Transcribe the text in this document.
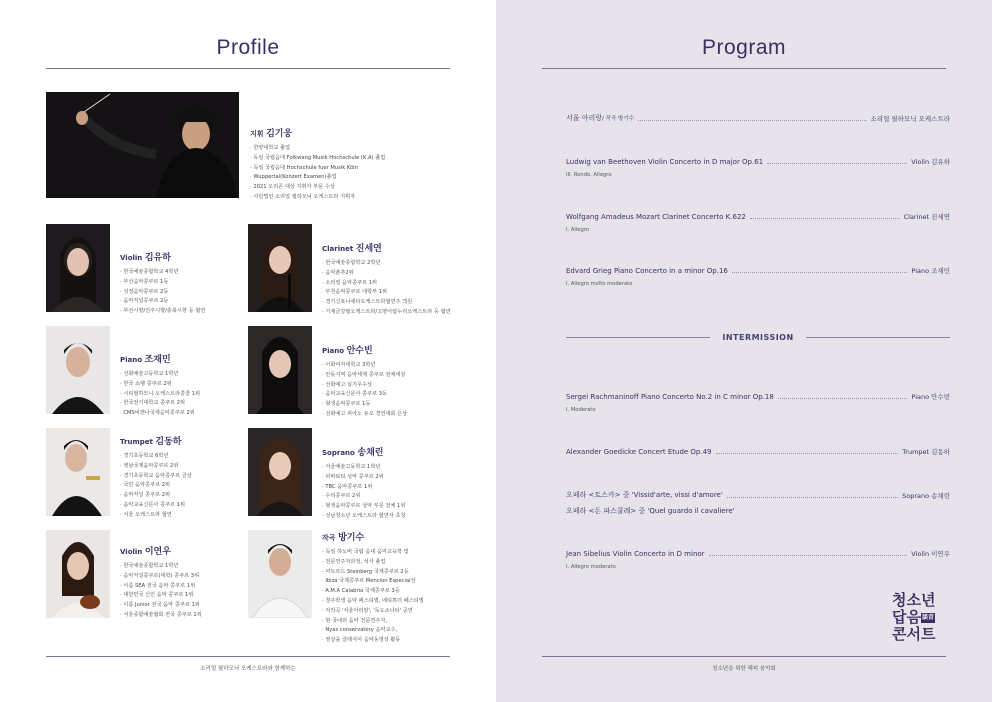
Profile
지휘 김기웅
· 한양대학교 졸업
· 독일 국립음대 Folkwang Musik Hochschule (K.A) 졸업
· 독일 국립음대 Hochschule fuer Musik Köln
· Wuppertal(Konzert Examen)졸업
· 2021 오리콘 대상 지휘자 부문 수상
· 사단법인 소리얼 필하모닉 오케스트라 지휘자
Violin 김유하
· 한국예술종합학교 4학년
· 부산음악콩쿠르 1등
· 성정음악콩쿠르 2등
· 음악저널콩쿠르 2등
· 부산시향/진주시향/충북시향 등 협연
Clarinet 진세연
· 한국예술종합학교 2학년
· 음악춘추2위
· 소리얼 음악콩쿠르 1위
· 부천음악콩쿠르 대학부 1위
· 경기신포니에타오케스트라협연주 객원
· 거제금강필오케스트라/고양아람누리오케스트라 등 협연
Piano 조재민
· 선화예술고등학교 1학년
· 한국 쇼팽 콩쿠르 2위
· 시티필하모니 오케스트라콩쿨 1위
· 한국전기대학교 콩쿠르 2위
· CMS비엔나국제음악콩쿠르 2위
Piano 안수빈
· 이화여자대학교 3학년
· 안동지역 음악세계 콩쿠르 전체대상
· 선화예고 실기우수상
· 음악교육신문사 콩쿠르 3등
· 형생음악콩쿠르 1등
· 선화예고 피아노 듀오 경연대회 은상
Trumpet 김동하
· 경기초등학교 6학년
· 영남국제음악콩쿠르 2위
· 경기초등학교 음악콩쿠르 금상
· 국민 음악콩쿠르 2위
· 음악저널 콩쿠르 2위
· 음악교육신문사 콩쿠르 1위
· 서울 오케스트라 협연
Soprano 송채린
· 서울예술고등학교 1학년
· 피바로티 성악 콩쿠르 2위
· TBC 음악콩쿠르 1위
· 수리콩쿠르 2위
· 형생음악콩쿠르 성악 부문 전체 1위
· 성남청소년 오케스트라 협연자 초청
Violin 이연우
· 한국예술종합학교 1학년
· 음악저널콩쿠르(대학) 콩쿠르 3위
· 이름 SEA 전국 음악 콩쿠르 1위
· 대한민국 신인 음악 콩쿠르 1위
· 이름 Junior 전국 음악 콩쿠르 1위
· 서울종합예술협회 전국 콩쿠르 1위
작곡 방기수
· 독일 하노버 국립 음대 음악교육학 및
· 전문연주자과정, 석사 졸업
· 미트르드 Steinberg 국제콩쿠르 2등
· Ibiza 국제콩쿠르 Mencion Especial상
· A.M.A Calabria 국제콩쿠르 3등
· 청주학생 음악 페스티벌, 에티튜더 페스티벌
· 자작곡 '서울아리랑', '독도소나타' 공연
· 현 국내외 음악 전문연주자,
· Nyas conservatory 음악교수,
· 영상을 클래식어 음악동영상 활동
소리얼 필하모닉 오케스트라와 함께하는
Program
서울 아리랑 / 작곡 방기수	소리얼 필하모닉 오케스트라
Ludwig van Beethoven Violin Concerto in D major Op.61	Violin 김유하
III. Rondo. Allegro
Wolfgang Amadeus Mozart Clarinet Concerto K.622	Clarinet 진세연
I. Allegro
Edvard Grieg Piano Concerto in a minor Op.16	Piano 조재민
I. Allegro molto moderato
INTERMISSION
Sergei Rachmaninoff Piano Concerto No.2 in C minor Op.18	Piano 안수빈
I. Moderato
Alexander Goedicke Concert Etude Op.49	Trumpet 김동하
오페라 <토스카> 중 'Vissid'arte, vissi d'amore'	Soprano 송채린
오페라 <돈 파스쿨레> 중 'Quel guardo il cavaliere'
Jean Sibelius Violin Concerto in D minor	Violin 이연우
I. Allegro moderato
청소년
답음談音
콘서트
청소년을 위한 해피 음악회
